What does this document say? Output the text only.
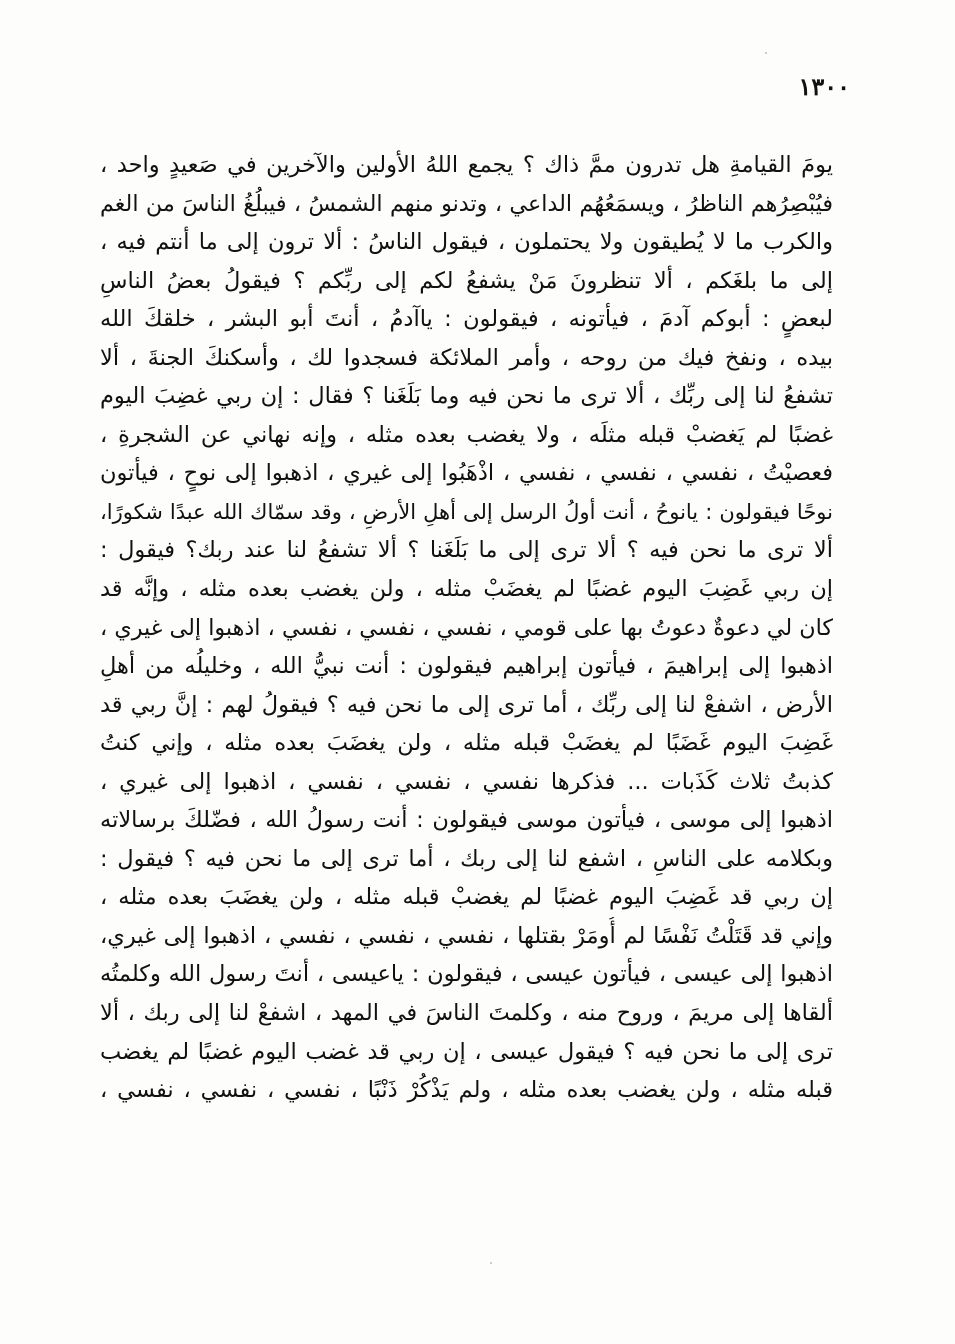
١٣٠٠
يومَ القيامةِ هل تدرون ممَّ ذاك ؟ يجمع اللهُ الأولين والآخرين في صَعيدٍ واحد ،
فيُبْصِرُهم الناظرُ ، ويسمَعُهُم الداعي ، وتدنو منهم الشمسُ ، فيبلُغُ الناسَ من الغم
والكرب ما لا يُطيقون ولا يحتملون ، فيقول الناسُ : ألا ترون إلى ما أنتم فيه ،
إلى ما بلغَكم ، ألا تنظرونَ مَنْ يشفعُ لكم إلى ربِّكم ؟ فيقولُ بعضُ الناسِ
لبعضٍ : أبوكم آدمَ ، فيأتونه ، فيقولون : ياآدمُ ، أنتَ أبو البشر ، خلقكَ الله
بيده ، ونفخ فيك من روحه ، وأمر الملائكة فسجدوا لك ، وأسكنكَ الجنةَ ، ألا
تشفعُ لنا إلى ربِّك ، ألا ترى ما نحن فيه وما بَلَغَنا ؟ فقال : إن ربي غضِبَ اليوم
غضبًا لم يَغضبْ قبله مثلَه ، ولا يغضب بعده مثله ، وإنه نهاني عن الشجرةِ ،
فعصيْتُ ، نفسي ، نفسي ، نفسي ، اذْهَبُوا إلى غيري ، اذهبوا إلى نوحٍ ، فيأتون
نوحًا فيقولون : يانوحُ ، أنت أولُ الرسل إلى أهلِ الأرضِ ، وقد سمّاك الله عبدًا شكورًا،
ألا ترى ما نحن فيه ؟ ألا ترى إلى ما بَلَغَنا ؟ ألا تشفعُ لنا عند ربك؟ فيقول :
إن ربي غَضِبَ اليوم غضبًا لم يغضَبْ مثله ، ولن يغضب بعده مثله ، وإنَّه قد
كان لي دعوةٌ دعوتُ بها على قومي ، نفسي ، نفسي ، نفسي ، اذهبوا إلى غيري ،
اذهبوا إلى إبراهيمَ ، فيأتون إبراهيم فيقولون : أنت نبيُّ الله ، وخليلُه من أهلِ
الأرض ، اشفعْ لنا إلى ربِّك ، أما ترى إلى ما نحن فيه ؟ فيقولُ لهم : إنَّ ربي قد
غَضِبَ اليوم غَضَبًا لم يغضَبْ قبله مثله ، ولن يغضَبَ بعده مثله ، وإني كنتُ
كذبتُ ثلاث كَذَبات ... فذكرها نفسي ، نفسي ، نفسي ، اذهبوا إلى غيري ،
اذهبوا إلى موسى ، فيأتون موسى فيقولون : أنت رسولُ الله ، فضّلكَ برسالاته
وبكلامه على الناسِ ، اشفع لنا إلى ربك ، أما ترى إلى ما نحن فيه ؟ فيقول :
إن ربي قد غَضِبَ اليوم غضبًا لم يغضبْ قبله مثله ، ولن يغضَبَ بعده مثله ،
وإني قد قَتَلْتُ نَفْسًا لم أُومَرْ بقتلها ، نفسي ، نفسي ، نفسي ، اذهبوا إلى غيري،
اذهبوا إلى عيسى ، فيأتون عيسى ، فيقولون : ياعيسى ، أنتَ رسول الله وكلمتُه
ألقاها إلى مريمَ ، وروح منه ، وكلمتَ الناسَ في المهد ، اشفعْ لنا إلى ربك ، ألا
ترى إلى ما نحن فيه ؟ فيقول عيسى ، إن ربي قد غضب اليوم غضبًا لم يغضب
قبله مثله ، ولن يغضب بعده مثله ، ولم يَذْكُرْ ذَنْبًا ، نفسي ، نفسي ، نفسي ،
